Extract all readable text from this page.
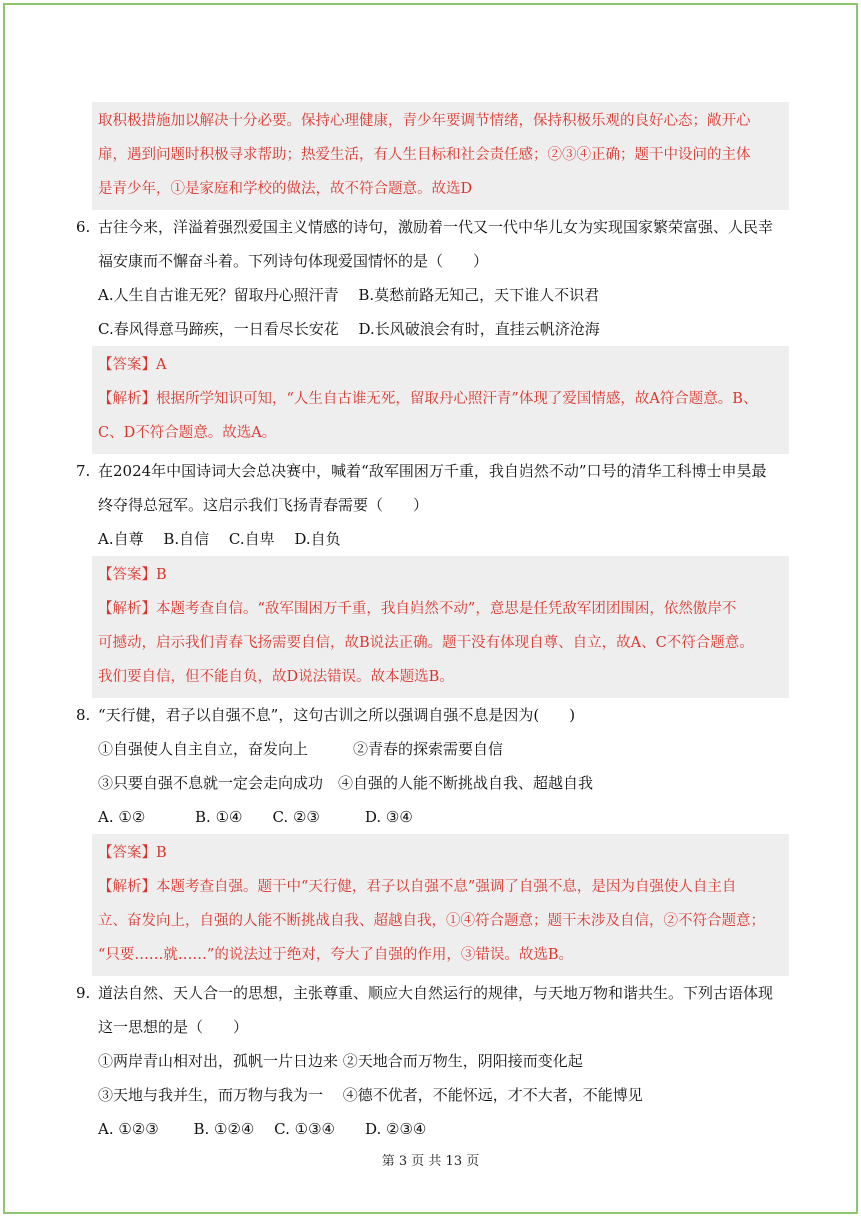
取积极措施加以解决十分必要。保持心理健康，青少年要调节情绪，保持积极乐观的良好心态；敞开心
扉，遇到问题时积极寻求帮助；热爱生活，有人生目标和社会责任感；②③④正确；题干中设问的主体
是青少年，①是家庭和学校的做法，故不符合题意。故选D
6. 古往今来，洋溢着强烈爱国主义情感的诗句，激励着一代又一代中华儿女为实现国家繁荣富强、人民幸
福安康而不懈奋斗着。下列诗句体现爱国情怀的是（　　）
A.人生自古谁无死？留取丹心照汗青　 B.莫愁前路无知己，天下谁人不识君
C.春风得意马蹄疾，一日看尽长安花　 D.长风破浪会有时，直挂云帆济沧海
【答案】A
【解析】根据所学知识可知，“人生自古谁无死，留取丹心照汗青”体现了爱国情感，故A符合题意。B、
C、D不符合题意。故选A。
7. 在2024年中国诗词大会总决赛中，喊着“敌军围困万千重，我自岿然不动”口号的清华工科博士申昊最
终夺得总冠军。这启示我们飞扬青春需要（　　）
A.自尊　 B.自信　 C.自卑　 D.自负
【答案】B
【解析】本题考查自信。“敌军围困万千重，我自岿然不动”，意思是任凭敌军团团围困，依然傲岸不
可撼动，启示我们青春飞扬需要自信，故B说法正确。题干没有体现自尊、自立，故A、C不符合题意。
我们要自信，但不能自负，故D说法错误。故本题选B。
8. “天行健，君子以自强不息”，这句古训之所以强调自强不息是因为(　　)
①自强使人自主自立，奋发向上　　　②青春的探索需要自信
③只要自强不息就一定会走向成功　④自强的人能不断挑战自我、超越自我
A. ①②　　　 B. ①④　　C. ②③　　　D. ③④
【答案】B
【解析】本题考查自强。题干中“天行健，君子以自强不息”强调了自强不息，是因为自强使人自主自
立、奋发向上，自强的人能不断挑战自我、超越自我，①④符合题意；题干未涉及自信，②不符合题意；
“只要……就……”的说法过于绝对，夸大了自强的作用，③错误。故选B。
9. 道法自然、天人合一的思想，主张尊重、顺应大自然运行的规律，与天地万物和谐共生。下列古语体现
这一思想的是（　　）
①两岸青山相对出，孤帆一片日边来 ②天地合而万物生，阴阳接而变化起
③天地与我并生，而万物与我为一　 ④德不优者，不能怀远，才不大者，不能博见
A. ①②③　　 B. ①②④　 C. ①③④　　D. ②③④
第 3 页 共 13 页
